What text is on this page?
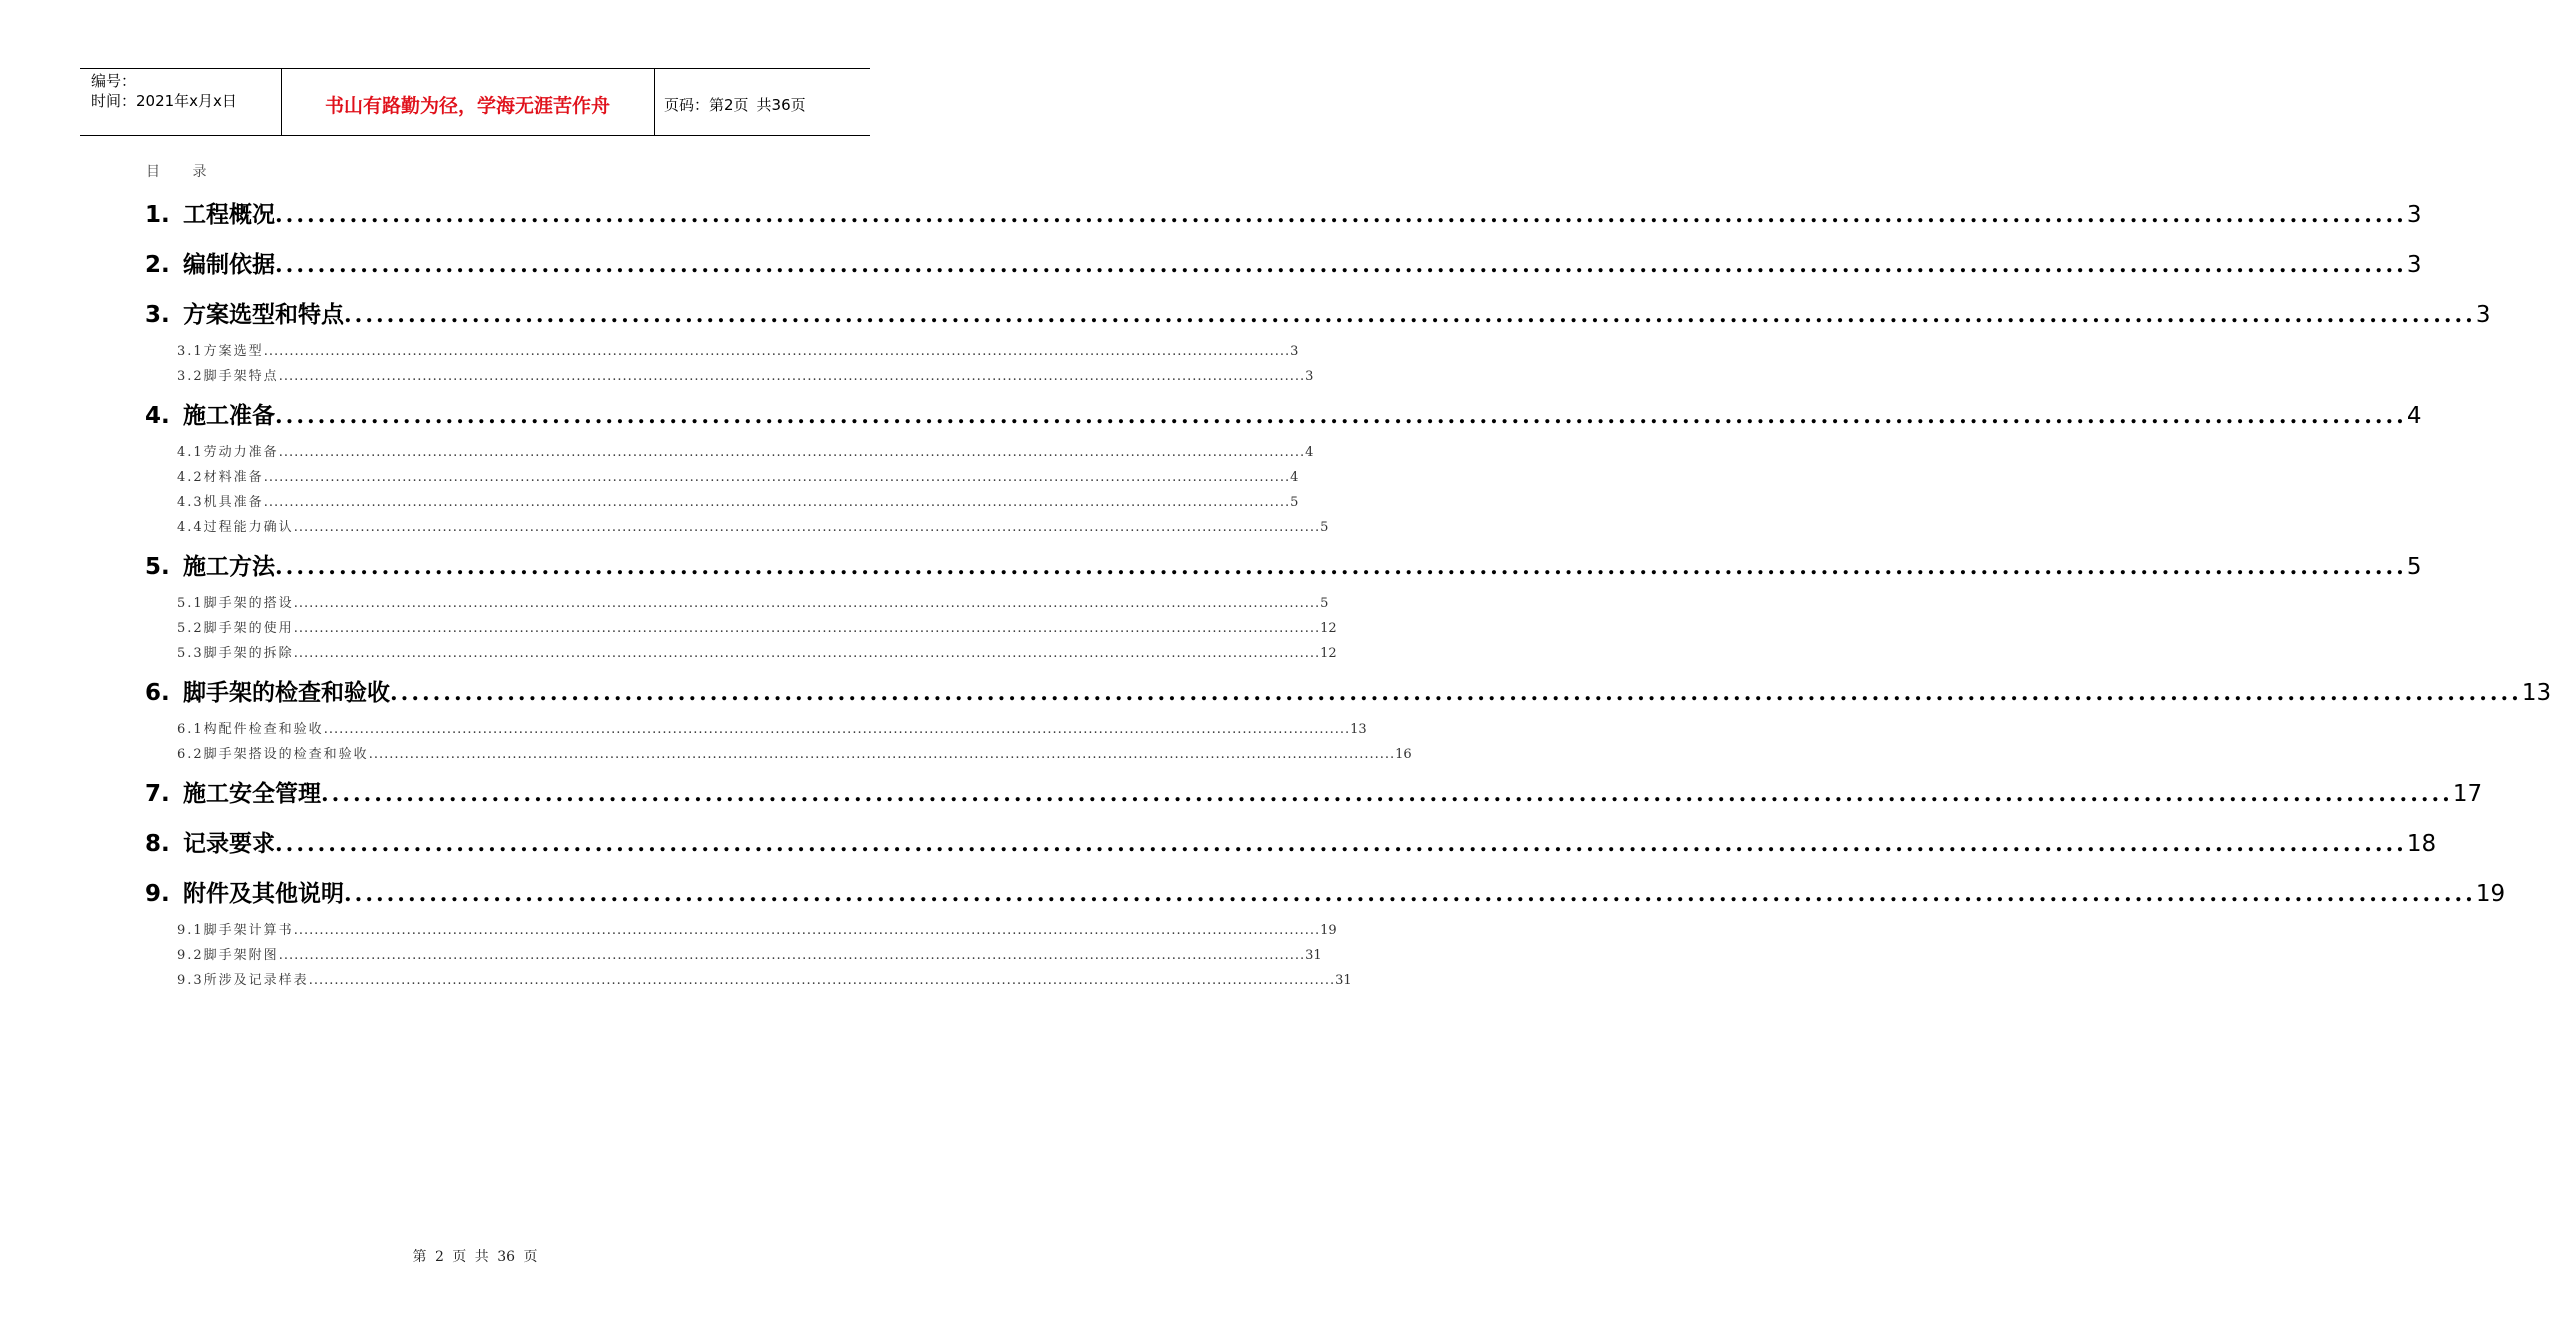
编号：
时间：2021年x月x日	书山有路勤为径，学海无涯苦作舟	页码：第2页 共36页
目 录
1. 工程概况 ........................................................................................................................................................................................................ 3
2. 编制依据 ........................................................................................................................................................................................................ 3
3. 方案选型和特点 ........................................................................................................................................................................................................ 3
3.1方案选型 ........................................................................................................................................................................................................ 3
3.2脚手架特点 ........................................................................................................................................................................................................ 3
4. 施工准备 ........................................................................................................................................................................................................ 4
4.1劳动力准备 ........................................................................................................................................................................................................ 4
4.2材料准备 ........................................................................................................................................................................................................ 4
4.3机具准备 ........................................................................................................................................................................................................ 5
4.4过程能力确认 ........................................................................................................................................................................................................ 5
5. 施工方法 ........................................................................................................................................................................................................ 5
5.1脚手架的搭设 ........................................................................................................................................................................................................ 5
5.2脚手架的使用 ........................................................................................................................................................................................................ 12
5.3脚手架的拆除 ........................................................................................................................................................................................................ 12
6. 脚手架的检查和验收 ........................................................................................................................................................................................................ 13
6.1构配件检查和验收 ........................................................................................................................................................................................................ 13
6.2脚手架搭设的检查和验收 ........................................................................................................................................................................................................ 16
7. 施工安全管理 ........................................................................................................................................................................................................ 17
8. 记录要求 ........................................................................................................................................................................................................ 18
9. 附件及其他说明 ........................................................................................................................................................................................................ 19
9.1脚手架计算书 ........................................................................................................................................................................................................ 19
9.2脚手架附图 ........................................................................................................................................................................................................ 31
9.3所涉及记录样表 ........................................................................................................................................................................................................ 31
第 2 页 共 36 页
